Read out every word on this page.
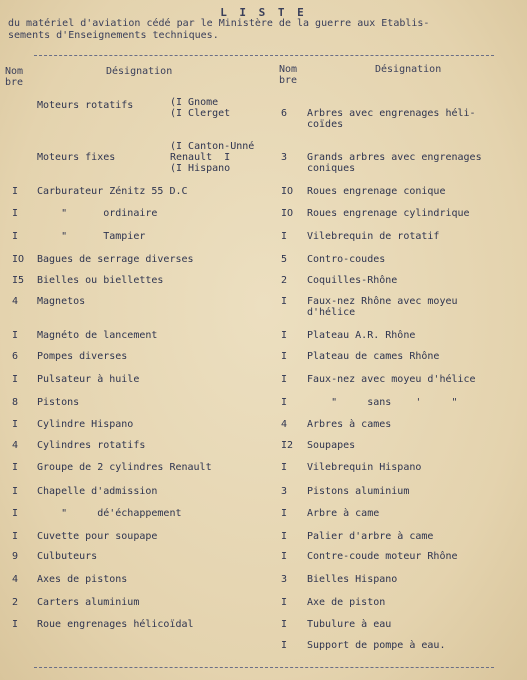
L I S T E
du matériel d'aviation cédé par le Ministère de la guerre aux Etablis-
sements d'Enseignements techniques.
Nom
bre
Désignation	Nom
bre
Désignation
Moteurs rotatifs	(I Gnome
(I Clerget
Moteurs fixes
(I Canton-Unné
Renault  I
(I Hispano
I Carburateur Zénitz 55 D.C
I "      ordinaire
I "      Tampier
IO Bagues de serrage diverses
I5 Bielles ou biellettes
4 Magnetos
I Magnéto de lancement
6 Pompes diverses
I Pulsateur à huile
8 Pistons
I Cylindre Hispano
4 Cylindres rotatifs
I Groupe de 2 cylindres Renault
I Chapelle d'admission
I "     dé'échappement
I Cuvette pour soupape
9 Culbuteurs
4 Axes de pistons
2 Carters aluminium
I Roue engrenages hélicoïdal
6 Arbres avec engrenages héli-
coïdes
3 Grands arbres avec engrenages
coniques
IO Roues engrenage conique
IO Roues engrenage cylindrique
I Vilebrequin de rotatif
5 Contro-coudes
2 Coquilles-Rhône
I Faux-nez Rhône avec moyeu
d'hélice
I Plateau A.R. Rhône
I Plateau de cames Rhône
I Faux-nez avec moyeu d'hélice
I "     sans    '     "
4 Arbres à cames
I2 Soupapes
I Vilebrequin Hispano
3 Pistons aluminium
I Arbre à came
I Palier d'arbre à came
I Contre-coude moteur Rhône
3 Bielles Hispano
I Axe de piston
I Tubulure à eau
I Support de pompe à eau.
